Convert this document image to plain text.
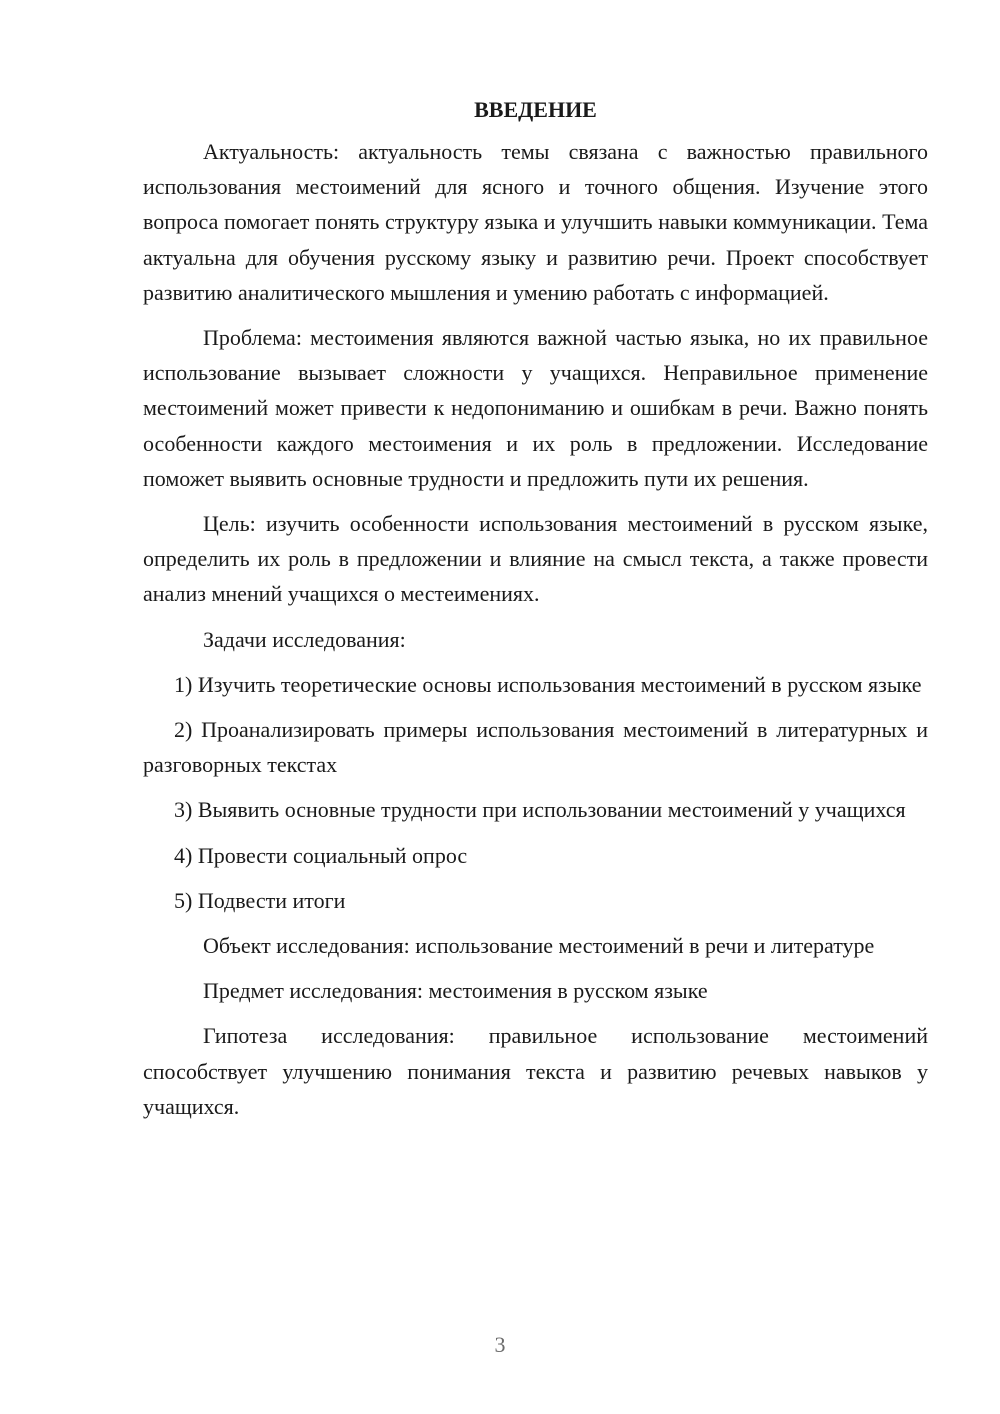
ВВЕДЕНИЕ

Актуальность: актуальность темы связана с важностью правильного использования местоимений для ясного и точного общения. Изучение этого вопроса помогает понять структуру языка и улучшить навыки коммуникации. Тема актуальна для обучения русскому языку и развитию речи. Проект способствует развитию аналитического мышления и умению работать с информацией.

Проблема: местоимения являются важной частью языка, но их правильное использование вызывает сложности у учащихся. Неправильное применение местоимений может привести к недопониманию и ошибкам в речи. Важно понять особенности каждого местоимения и их роль в предложении. Исследование поможет выявить основные трудности и предложить пути их решения.

Цель: изучить особенности использования местоимений в русском языке, определить их роль в предложении и влияние на смысл текста, а также провести анализ мнений учащихся о местеимениях.

Задачи исследования:

1) Изучить теоретические основы использования местоимений в русском языке

2) Проанализировать примеры использования местоимений в литературных и разговорных текстах

3) Выявить основные трудности при использовании местоимений у учащихся

4) Провести социальный опрос

5) Подвести итоги

Объект исследования: использование местоимений в речи и литературе

Предмет исследования: местоимения в русском языке

Гипотеза исследования: правильное использование местоимений способствует улучшению понимания текста и развитию речевых навыков у учащихся.

3
